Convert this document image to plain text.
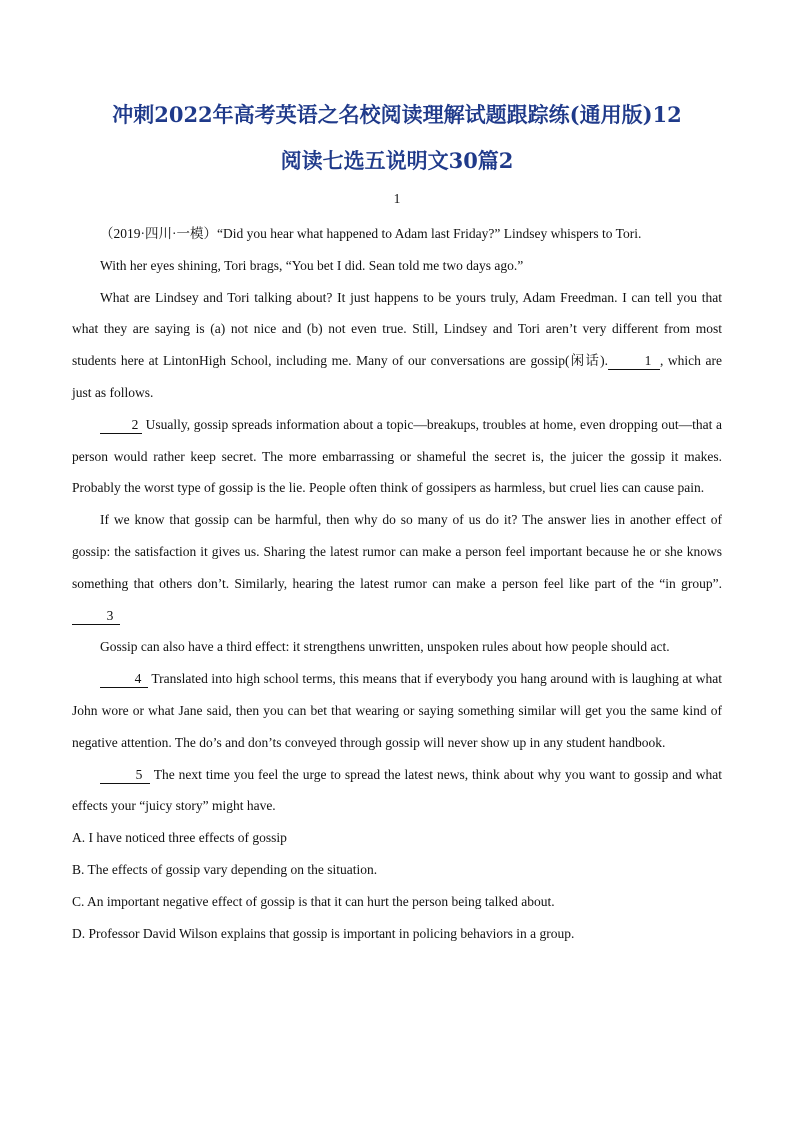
冲刺2022年高考英语之名校阅读理解试题跟踪练(通用版)12
阅读七选五说明文30篇2
1

（2019·四川·一模）“Did you hear what happened to Adam last Friday?” Lindsey whispers to Tori.

With her eyes shining, Tori brags, “You bet I did. Sean told me two days ago.”

What are Lindsey and Tori talking about? It just happens to be yours truly, Adam Freedman. I can tell you that what they are saying is (a) not nice and (b) not even true. Still, Lindsey and Tori aren’t very different from most students here at LintonHigh School, including me. Many of our conversations are gossip(闲话).	1 , which are just as follows.

2 Usually, gossip spreads information about a topic—breakups, troubles at home, even dropping out—that a person would rather keep secret. The more embarrassing or shameful the secret is, the juicer the gossip it makes. Probably the worst type of gossip is the lie. People often think of gossipers as harmless, but cruel lies can cause pain.

If we know that gossip can be harmful, then why do so many of us do it? The answer lies in another effect of gossip: the satisfaction it gives us. Sharing the latest rumor can make a person feel important because he or she knows something that others don’t. Similarly, hearing the latest rumor can make a person feel like part of the “in group”.3

Gossip can also have a third effect: it strengthens unwritten, unspoken rules about how people should act.

4 Translated into high school terms, this means that if everybody you hang around with is laughing at what John wore or what Jane said, then you can bet that wearing or saying something similar will get you the same kind of negative attention. The do’s and don’ts conveyed through gossip will never show up in any student handbook.

5 The next time you feel the urge to spread the latest news, think about why you want to gossip and what effects your “juicy story” might have.

A. I have noticed three effects of gossip

B. The effects of gossip vary depending on the situation.

C. An important negative effect of gossip is that it can hurt the person being talked about.

D. Professor David Wilson explains that gossip is important in policing behaviors in a group.
